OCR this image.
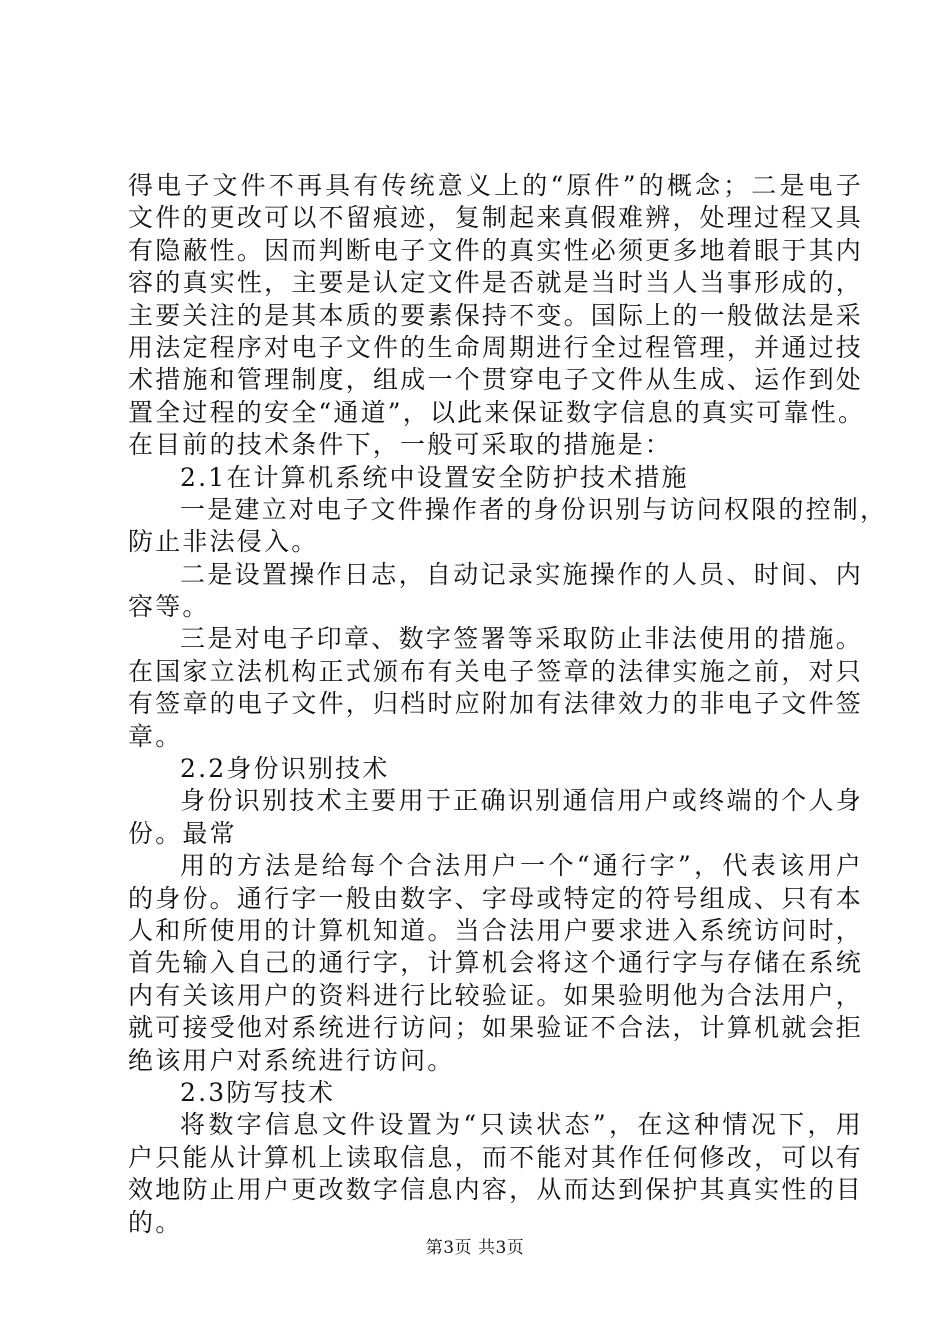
得电子文件不再具有传统意义上的“原件”的概念；二是电子
文件的更改可以不留痕迹，复制起来真假难辨，处理过程又具
有隐蔽性。因而判断电子文件的真实性必须更多地着眼于其内
容的真实性，主要是认定文件是否就是当时当人当事形成的，
主要关注的是其本质的要素保持不变。国际上的一般做法是采
用法定程序对电子文件的生命周期进行全过程管理，并通过技
术措施和管理制度，组成一个贯穿电子文件从生成、运作到处
置全过程的安全“通道”，以此来保证数字信息的真实可靠性。
在目前的技术条件下，一般可采取的措施是：
2.1在计算机系统中设置安全防护技术措施
一是建立对电子文件操作者的身份识别与访问权限的控制，
防止非法侵入。
二是设置操作日志，自动记录实施操作的人员、时间、内
容等。
三是对电子印章、数字签署等采取防止非法使用的措施。
在国家立法机构正式颁布有关电子签章的法律实施之前，对只
有签章的电子文件，归档时应附加有法律效力的非电子文件签
章。
2.2身份识别技术
身份识别技术主要用于正确识别通信用户或终端的个人身
份。最常
用的方法是给每个合法用户一个“通行字”，代表该用户
的身份。通行字一般由数字、字母或特定的符号组成、只有本
人和所使用的计算机知道。当合法用户要求进入系统访问时，
首先输入自己的通行字，计算机会将这个通行字与存储在系统
内有关该用户的资料进行比较验证。如果验明他为合法用户，
就可接受他对系统进行访问；如果验证不合法，计算机就会拒
绝该用户对系统进行访问。
2.3防写技术
将数字信息文件设置为“只读状态”，在这种情况下，用
户只能从计算机上读取信息，而不能对其作任何修改，可以有
效地防止用户更改数字信息内容，从而达到保护其真实性的目
的。
第3页 共3页
